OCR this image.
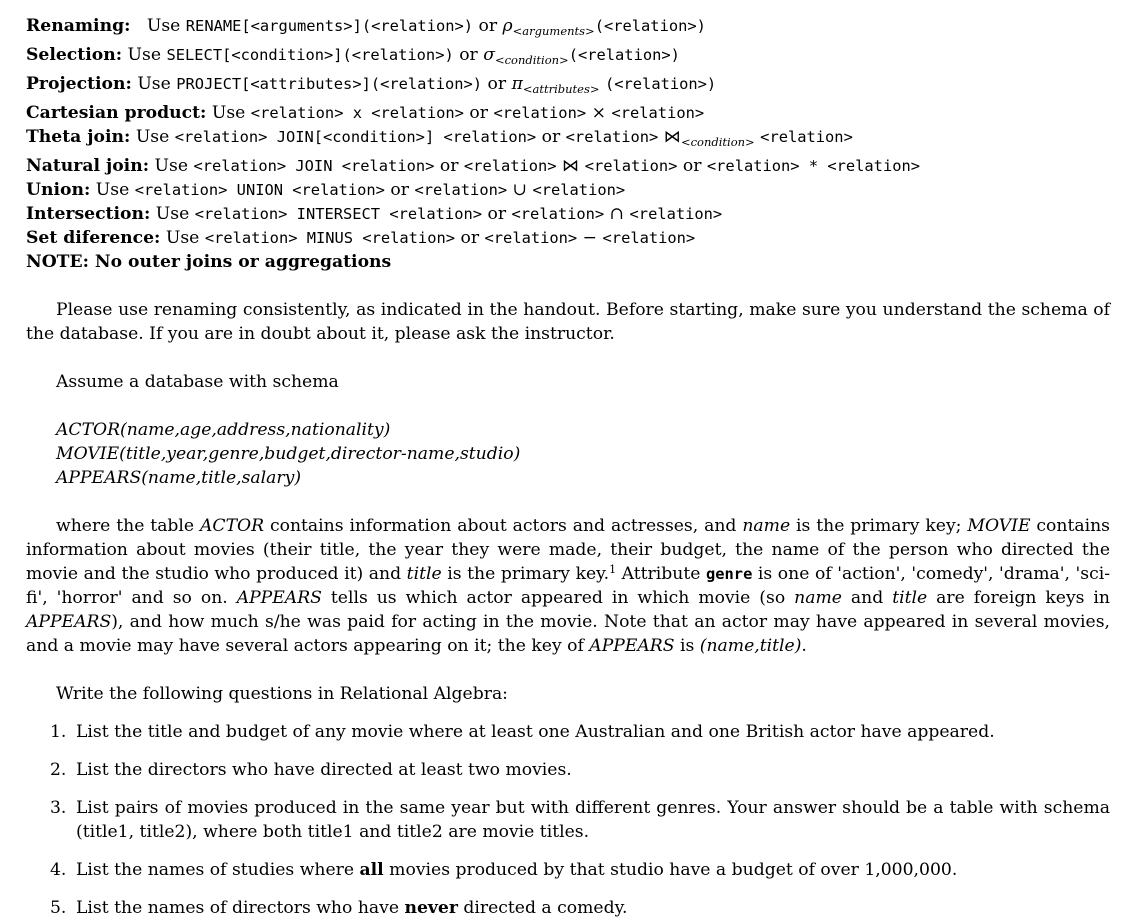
Renaming: Use RENAME[<arguments>](<relation>) or $\rho_{<arguments>}(<relation>)$
Selection: Use SELECT[<condition>](<relation>) or $\sigma_{<condition>}(<relation>)$
Projection: Use PROJECT[<attributes>](<relation>) or $\pi_{<attributes>}$ (<relation>)
Cartesian product: Use <relation> x <relation> or <relation> × <relation>
Theta join: Use <relation> JOIN[<condition>] <relation> or <relation> $⋈_{<condition>}$ <relation>
Natural join: Use <relation> JOIN <relation> or <relation> ⋈ <relation> or <relation> * <relation>
Union: Use <relation> UNION <relation> or <relation> ∪ <relation>
Intersection: Use <relation> INTERSECT <relation> or <relation> ∩ <relation>
Set diference: Use <relation> MINUS <relation> or <relation> − <relation>
NOTE: No outer joins or aggregations

Please use renaming consistently, as indicated in the handout. Before starting, make sure you understand the schema of the database. If you are in doubt about it, please ask the instructor.

Assume a database with schema

ACTOR(name,age,address,nationality)
MOVIE(title,year,genre,budget,director-name,studio)
APPEARS(name,title,salary)

where the table ACTOR contains information about actors and actresses, and name is the primary key; MOVIE contains information about movies (their title, the year they were made, their budget, the name of the person who directed the movie and the studio who produced it) and title is the primary key.$^1$ Attribute genre is one of 'action', 'comedy', 'drama', 'sci-fi', 'horror' and so on. APPEARS tells us which actor appeared in which movie (so name and title are foreign keys in APPEARS), and how much s/he was paid for acting in the movie. Note that an actor may have appeared in several movies, and a movie may have several actors appearing on it; the key of APPEARS is (name,title).

Write the following questions in Relational Algebra:

1. List the title and budget of any movie where at least one Australian and one British actor have appeared.
2. List the directors who have directed at least two movies.
3. List pairs of movies produced in the same year but with different genres. Your answer should be a table with schema (title1, title2), where both title1 and title2 are movie titles.
4. List the names of studies where all movies produced by that studio have a budget of over 1,000,000.
5. List the names of directors who have never directed a comedy.
